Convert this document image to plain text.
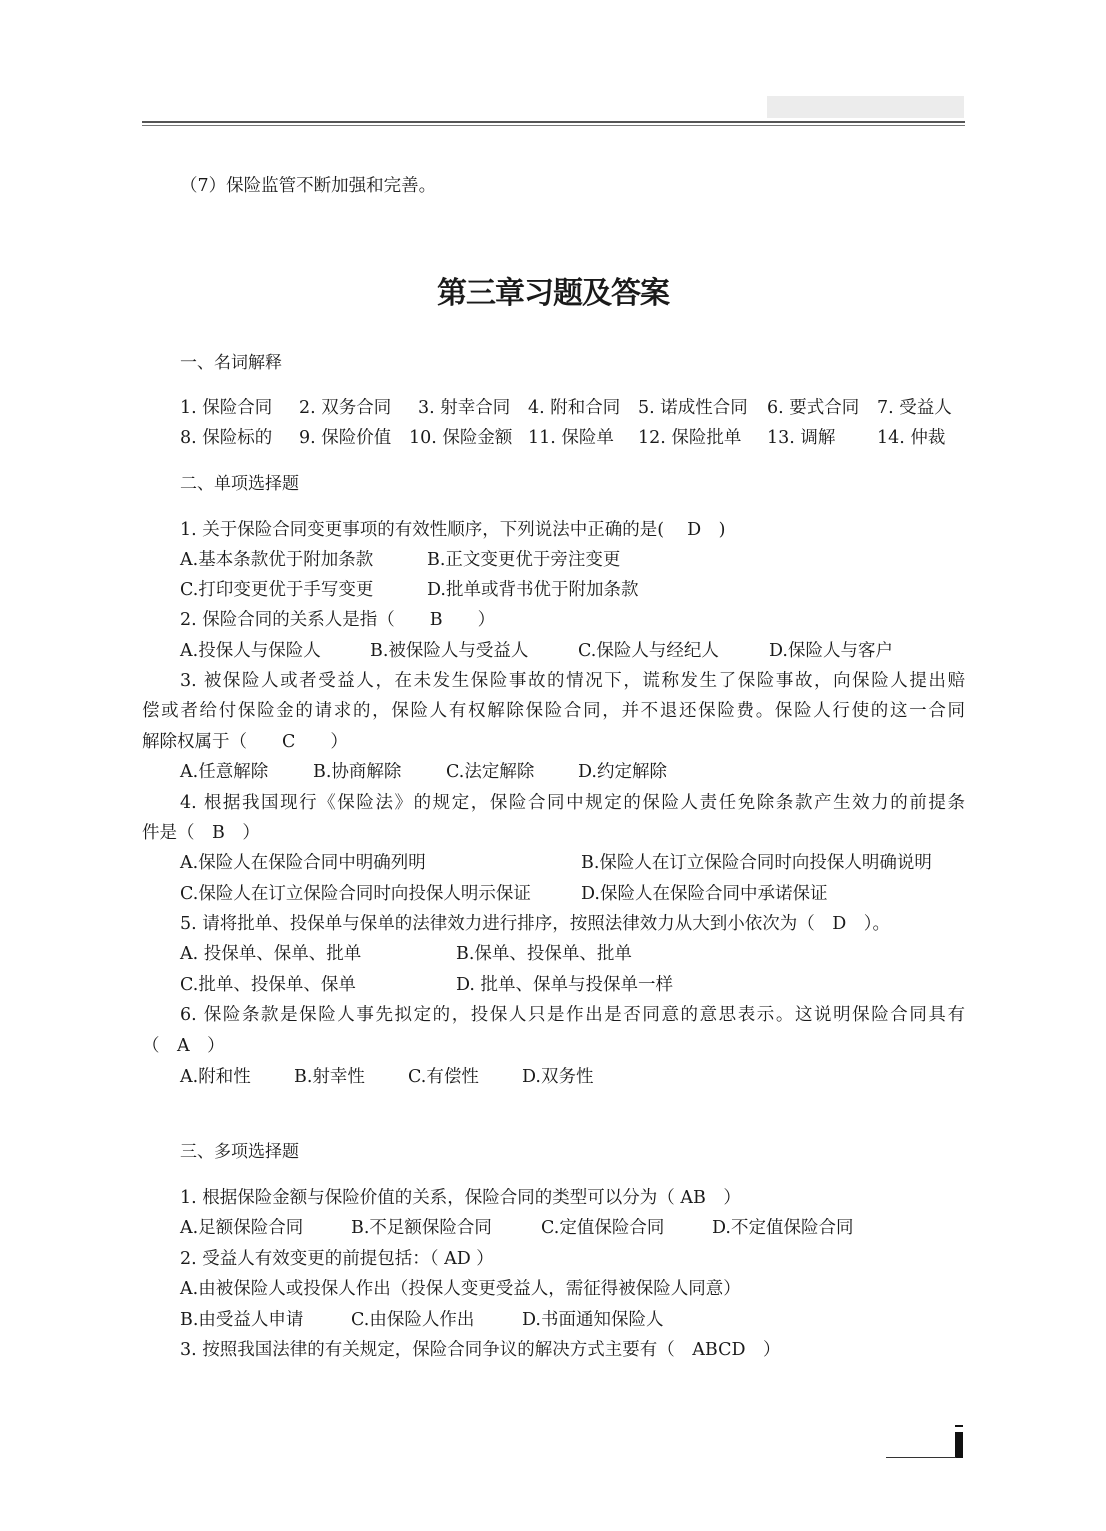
（7）保险监管不断加强和完善。
第三章习题及答案
一、名词解释
1. 保险合同 2. 双务合同 3. 射幸合同 4. 附和合同 5. 诺成性合同 6. 要式合同 7. 受益人
8. 保险标的 9. 保险价值 10. 保险金额 11. 保险单 12. 保险批单 13. 调解 14. 仲裁
二、单项选择题
1. 关于保险合同变更事项的有效性顺序，下列说法中正确的是(　 D　)
A.基本条款优于附加条款	B.正文变更优于旁注变更
C.打印变更优于手写变更	D.批单或背书优于附加条款
2. 保险合同的关系人是指（　　B　　）
A.投保人与保险人	B.被保险人与受益人	C.保险人与经纪人	D.保险人与客户
3. 被保险人或者受益人，在未发生保险事故的情况下，谎称发生了保险事故，向保险人提出赔
偿或者给付保险金的请求的，保险人有权解除保险合同，并不退还保险费。保险人行使的这一合同
解除权属于（　　C　　）
A.任意解除	B.协商解除	C.法定解除 D.约定解除
4. 根据我国现行《保险法》的规定，保险合同中规定的保险人责任免除条款产生效力的前提条
件是（　B　）
A.保险人在保险合同中明确列明	B.保险人在订立保险合同时向投保人明确说明
C.保险人在订立保险合同时向投保人明示保证	D.保险人在保险合同中承诺保证
5. 请将批单、投保单与保单的法律效力进行排序，按照法律效力从大到小依次为（　D　）。
A. 投保单、保单、批单	B.保单、投保单、批单
C.批单、投保单、保单	D. 批单、保单与投保单一样
6. 保险条款是保险人事先拟定的，投保人只是作出是否同意的意思表示。这说明保险合同具有
（　A　）
A.附和性 B.射幸性 C.有偿性 D.双务性
三、多项选择题
1. 根据保险金额与保险价值的关系，保险合同的类型可以分为（ AB　）
A.足额保险合同	B.不足额保险合同	C.定值保险合同	D.不定值保险合同
2. 受益人有效变更的前提包括：（ AD ）
A.由被保险人或投保人作出（投保人变更受益人，需征得被保险人同意）
B.由受益人申请	C.由保险人作出	D.书面通知保险人
3. 按照我国法律的有关规定，保险合同争议的解决方式主要有（　ABCD　）
